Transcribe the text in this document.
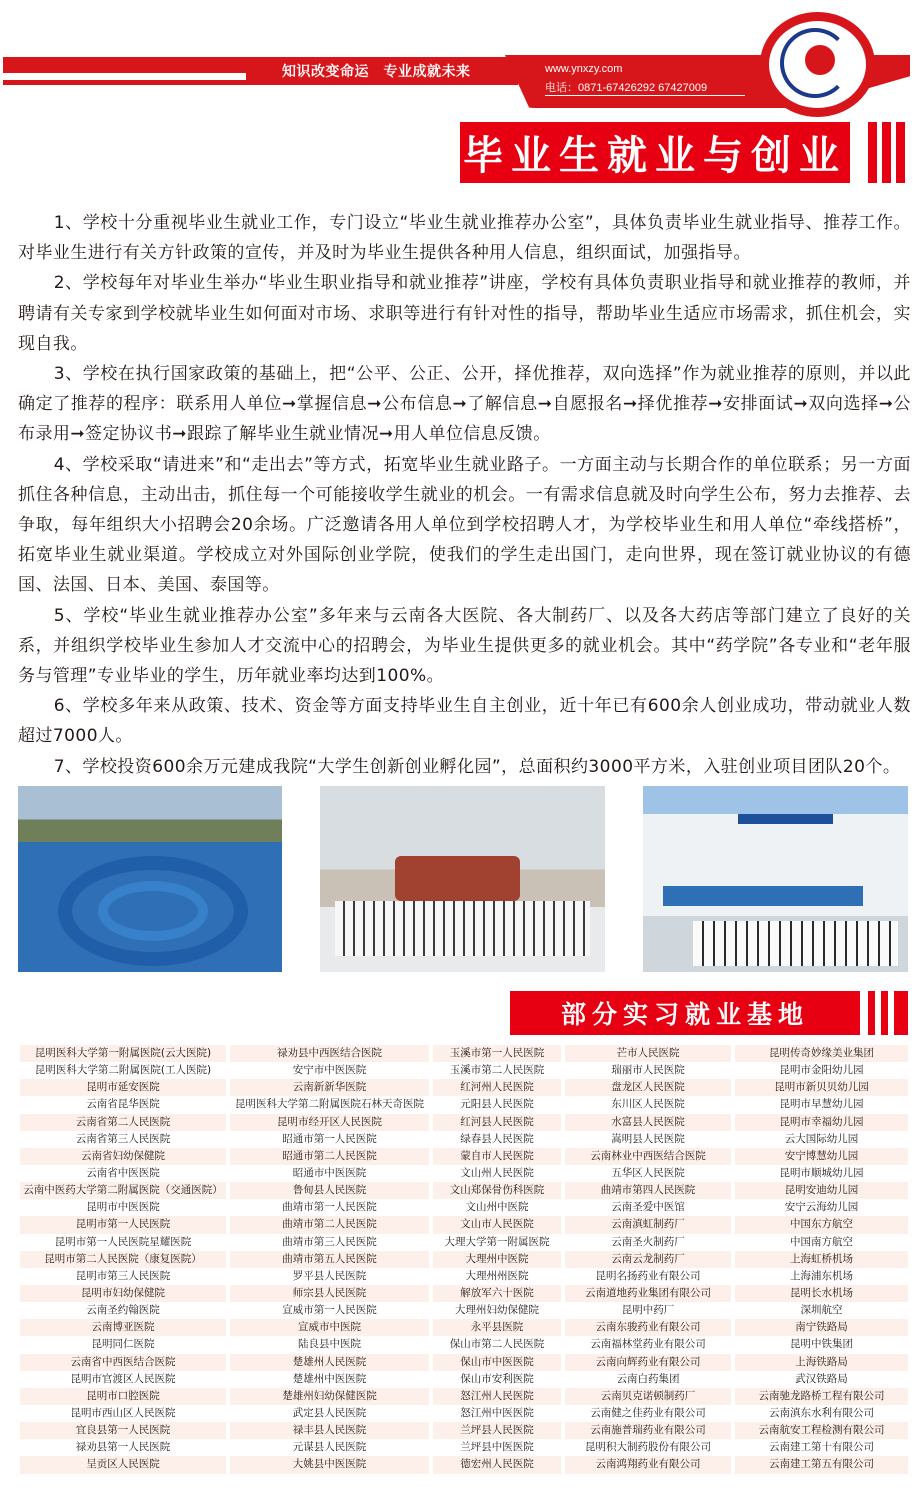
知识改变命运　专业成就未来	www.ynxzy.com
电话：0871-67426292 67427009
毕业生就业与创业

1、学校十分重视毕业生就业工作，专门设立“毕业生就业推荐办公室”，具体负责毕业生就业指导、推荐工作。对毕业生进行有关方针政策的宣传，并及时为毕业生提供各种用人信息，组织面试，加强指导。

2、学校每年对毕业生举办“毕业生职业指导和就业推荐”讲座，学校有具体负责职业指导和就业推荐的教师，并聘请有关专家到学校就毕业生如何面对市场、求职等进行有针对性的指导，帮助毕业生适应市场需求，抓住机会，实现自我。

3、学校在执行国家政策的基础上，把“公平、公正、公开，择优推荐，双向选择”作为就业推荐的原则，并以此确定了推荐的程序：联系用人单位➞掌握信息➞公布信息➞了解信息➞自愿报名➞择优推荐➞安排面试➞双向选择➞公布录用➞签定协议书➞跟踪了解毕业生就业情况➞用人单位信息反馈。

4、学校采取“请进来”和“走出去”等方式，拓宽毕业生就业路子。一方面主动与长期合作的单位联系；另一方面抓住各种信息，主动出击，抓住每一个可能接收学生就业的机会。一有需求信息就及时向学生公布，努力去推荐、去争取，每年组织大小招聘会20余场。广泛邀请各用人单位到学校招聘人才，为学校毕业生和用人单位“牵线搭桥”，拓宽毕业生就业渠道。学校成立对外国际创业学院，使我们的学生走出国门，走向世界，现在签订就业协议的有德国、法国、日本、美国、泰国等。

5、学校“毕业生就业推荐办公室”多年来与云南各大医院、各大制药厂、以及各大药店等部门建立了良好的关系，并组织学校毕业生参加人才交流中心的招聘会，为毕业生提供更多的就业机会。其中“药学院”各专业和“老年服务与管理”专业毕业的学生，历年就业率均达到100%。

6、学校多年来从政策、技术、资金等方面支持毕业生自主创业，近十年已有600余人创业成功，带动就业人数超过7000人。

7、学校投资600余万元建成我院“大学生创新创业孵化园”，总面积约3000平方米，入驻创业项目团队20个。

部分实习就业基地
昆明医科大学第一附属医院(云大医院)	禄劝县中西医结合医院	玉溪市第一人民医院	芒市人民医院	昆明传奇妙缘美业集团
昆明医科大学第二附属医院(工人医院)	安宁市中医医院	玉溪市第二人民医院	瑞丽市人民医院	昆明市金阳幼儿园
昆明市延安医院	云南新新华医院	红河州人民医院	盘龙区人民医院	昆明市新贝贝幼儿园
云南省昆华医院	昆明医科大学第二附属医院石林天奇医院	元阳县人民医院	东川区人民医院	昆明市早慧幼儿园
云南省第二人民医院	昆明市经开区人民医院	红河县人民医院	水富县人民医院	昆明市幸福幼儿园
云南省第三人民医院	昭通市第一人民医院	绿春县人民医院	嵩明县人民医院	云大国际幼儿园
云南省妇幼保健院	昭通市第二人民医院	蒙自市人民医院	云南林业中西医结合医院	安宁博慧幼儿园
云南省中医医院	昭通市中医医院	文山州人民医院	五华区人民医院	昆明市顺城幼儿园
云南中医药大学第二附属医院（交通医院）	鲁甸县人民医院	文山郑保骨伤科医院	曲靖市第四人民医院	昆明安迪幼儿园
昆明市中医医院	曲靖市第一人民医院	文山州中医院	云南圣爱中医馆	安宁云海幼儿园
昆明市第一人民医院	曲靖市第二人民医院	文山市人民医院	云南滇虹制药厂	中国东方航空
昆明市第一人民医院星耀医院	曲靖市第三人民医院	大理大学第一附属医院	云南圣火制药厂	中国南方航空
昆明市第二人民医院（康复医院）	曲靖市第五人民医院	大理州中医院	云南云龙制药厂	上海虹桥机场
昆明市第三人民医院	罗平县人民医院	大理州州医院	昆明名扬药业有限公司	上海浦东机场
昆明市妇幼保健院	师宗县人民医院	解放军六十医院	云南道地药业集团有限公司	昆明长水机场
云南圣约翰医院	宣威市第一人民医院	大理州妇幼保健院	昆明中药厂	深圳航空
云南博亚医院	宣威市中医院	永平县医院	云南东骏药业有限公司	南宁铁路局
昆明同仁医院	陆良县中医院	保山市第二人民医院	云南福林堂药业有限公司	昆明中铁集团
云南省中西医结合医院	楚雄州人民医院	保山市中医医院	云南向辉药业有限公司	上海铁路局
昆明市官渡区人民医院	楚雄州中医医院	保山市安利医院	云南白药集团	武汉铁路局
昆明市口腔医院	楚雄州妇幼保健医院	怒江州人民医院	云南贝克诺顿制药厂	云南驰龙路桥工程有限公司
昆明市西山区人民医院	武定县人民医院	怒江州中医医院	云南健之佳药业有限公司	云南滇东水利有限公司
宜良县第一人民医院	禄丰县人民医院	兰坪县人民医院	云南施普瑞药业有限公司	云南航安工程检测有限公司
禄劝县第一人民医院	元谋县人民医院	兰坪县中医医院	昆明积大制药股份有限公司	云南建工第十有限公司
呈贡区人民医院	大姚县中医医院	德宏州人民医院	云南鸿翔药业有限公司	云南建工第五有限公司
